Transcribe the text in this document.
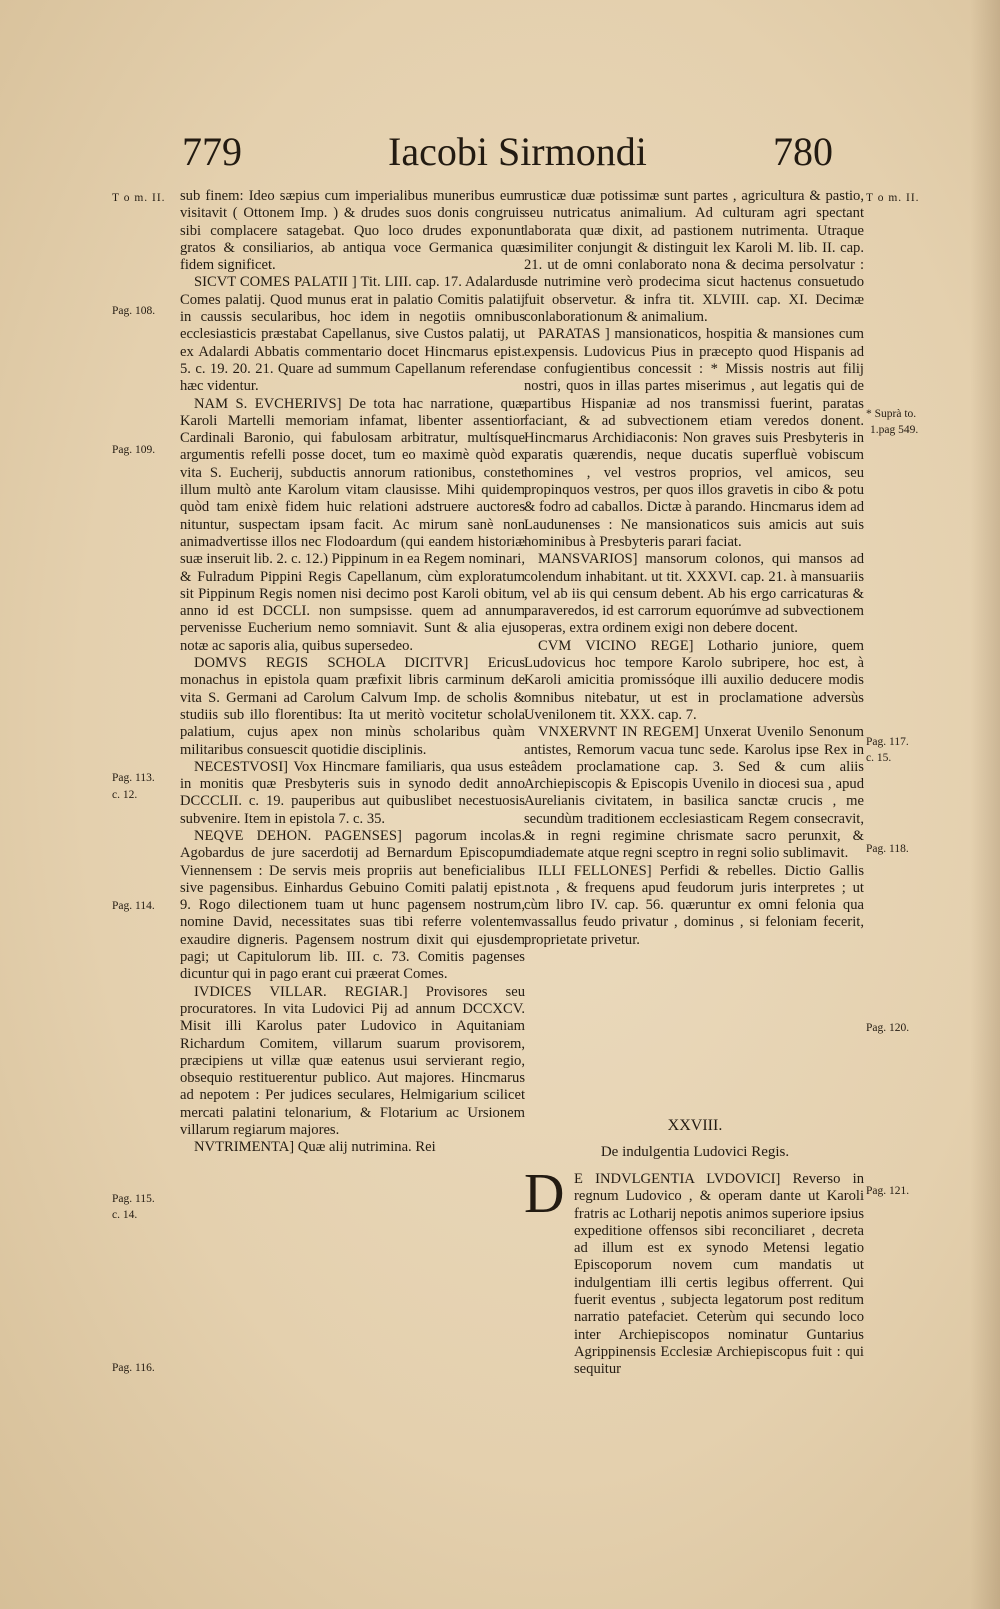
779	Iacobi Sirmondi	780
T o m. II.	T o m. II.
Pag. 108.
Pag. 109.
Pag. 113.
c. 12.
Pag. 114.
Pag. 115.
c. 14.
Pag. 116.
* Suprà to.
1.pag 549.
Pag. 117.
c. 15.
Pag. 118.
Pag. 120.
Pag. 121.

sub finem: Ideo sæpius cum imperialibus muneribus eum visitavit ( Ottonem Imp. ) & drudes suos donis congruis sibi complacere satagebat. Quo loco drudes exponunt gratos & consiliarios, ab antiqua voce Germanica quæ fidem significet.

SICVT COMES PALATII ] Tit. LIII. cap. 17. Adalardus Comes palatij. Quod munus erat in palatio Comitis palatij in caussis secularibus, hoc idem in negotiis omnibus ecclesiasticis præstabat Capellanus, sive Custos palatij, ut ex Adalardi Abbatis commentario docet Hincmarus epist. 5. c. 19. 20. 21. Quare ad summum Capellanum referenda hæc videntur.

NAM S. EVCHERIVS] De tota hac narratione, quæ Karoli Martelli memoriam infamat, libenter assentior Cardinali Baronio, qui fabulosam arbitratur, multísque argumentis refelli posse docet, tum eo maximè quòd ex vita S. Eucherij, subductis annorum rationibus, constet illum multò ante Karolum vitam clausisse. Mihi quidem quòd tam enixè fidem huic relationi adstruere auctores nituntur, suspectam ipsam facit. Ac mirum sanè non animadvertisse illos nec Flodoardum (qui eandem historiæ suæ inseruit lib. 2. c. 12.) Pippinum in ea Regem nominari, & Fulradum Pippini Regis Capellanum, cùm exploratum sit Pippinum Regis nomen nisi decimo post Karoli obitum anno id est DCCLI. non sumpsisse. quem ad annum pervenisse Eucherium nemo somniavit. Sunt & alia ejus notæ ac saporis alia, quibus supersedeo.

DOMVS REGIS SCHOLA DICITVR] Ericus monachus in epistola quam præfixit libris carminum de vita S. Germani ad Carolum Calvum Imp. de scholis & studiis sub illo florentibus: Ita ut meritò vocitetur schola palatium, cujus apex non minùs scholaribus quàm militaribus consuescit quotidie disciplinis.

NECESTVOSI] Vox Hincmare familiaris, qua usus est in monitis quæ Presbyteris suis in synodo dedit anno DCCCLII. c. 19. pauperibus aut quibuslibet necestuosis subvenire. Item in epistola 7. c. 35.

NEQVE DEHON. PAGENSES] pagorum incolas. Agobardus de jure sacerdotij ad Bernardum Episcopum Viennensem : De servis meis propriis aut beneficialibus sive pagensibus. Einhardus Gebuino Comiti palatij epist. 9. Rogo dilectionem tuam ut hunc pagensem nostrum, nomine David, necessitates suas tibi referre volentem exaudire digneris. Pagensem nostrum dixit qui ejusdem pagi; ut Capitulorum lib. III. c. 73. Comitis pagenses dicuntur qui in pago erant cui præerat Comes.

IVDICES VILLAR. REGIAR.] Provisores seu procuratores. In vita Ludovici Pij ad annum DCCXCV. Misit illi Karolus pater Ludovico in Aquitaniam Richardum Comitem, villarum suarum provisorem, præcipiens ut villæ quæ eatenus usui servierant regio, obsequio restituerentur publico. Aut majores. Hincmarus ad nepotem : Per judices seculares, Helmigarium scilicet mercati palatini telonarium, & Flotarium ac Ursionem villarum regiarum majores.

NVTRIMENTA] Quæ alij nutrimina. Rei

rusticæ duæ potissimæ sunt partes , agricultura & pastio, seu nutricatus animalium. Ad culturam agri spectant laborata quæ dixit, ad pastionem nutrimenta. Utraque similiter conjungit & distinguit lex Karoli M. lib. II. cap. 21. ut de omni conlaborato nona & decima persolvatur : de nutrimine verò prodecima sicut hactenus consuetudo fuit observetur. & infra tit. XLVIII. cap. XI. Decimæ conlaborationum & animalium.

PARATAS ] mansionaticos, hospitia & mansiones cum expensis. Ludovicus Pius in præcepto quod Hispanis ad se confugientibus concessit : * Missis nostris aut filij nostri, quos in illas partes miserimus , aut legatis qui de partibus Hispaniæ ad nos transmissi fuerint, paratas faciant, & ad subvectionem etiam veredos donent. Hincmarus Archidiaconis: Non graves suis Presbyteris in paratis quærendis, neque ducatis superfluè vobiscum homines , vel vestros proprios, vel amicos, seu propinquos vestros, per quos illos gravetis in cibo & potu & fodro ad caballos. Dictæ à parando. Hincmarus idem ad Laudunenses : Ne mansionaticos suis amicis aut suis hominibus à Presbyteris parari faciat.

MANSVARIOS] mansorum colonos, qui mansos ad colendum inhabitant. ut tit. XXXVI. cap. 21. à mansuariis , vel ab iis qui censum debent. Ab his ergo carricaturas & paraveredos, id est carrorum equorúmve ad subvectionem operas, extra ordinem exigi non debere docent.

CVM VICINO REGE] Lothario juniore, quem Ludovicus hoc tempore Karolo subripere, hoc est, à Karoli amicitia promissóque illi auxilio deducere modis omnibus nitebatur, ut est in proclamatione adversùs Uvenilonem tit. XXX. cap. 7.

VNXERVNT IN REGEM] Unxerat Uvenilo Senonum antistes, Remorum vacua tunc sede. Karolus ipse Rex in eâdem proclamatione cap. 3. Sed & cum aliis Archiepiscopis & Episcopis Uvenilo in diocesi sua , apud Aurelianis civitatem, in basilica sanctæ crucis , me secundùm traditionem ecclesiasticam Regem consecravit, & in regni regimine chrismate sacro perunxit, & diademate atque regni sceptro in regni solio sublimavit.

ILLI FELLONES] Perfidi & rebelles. Dictio Gallis nota , & frequens apud feudorum juris interpretes ; ut cùm libro IV. cap. 56. quæruntur ex omni felonia qua vassallus feudo privatur , dominus , si feloniam fecerit, proprietate privetur.

XXVIII.
De indulgentia Ludovici Regis.
D E INDVLGENTIA LVDOVICI] Reverso in regnum Ludovico , & operam dante ut Karoli fratris ac Lotharij nepotis animos superiore ipsius expeditione offensos sibi reconciliaret , decreta ad illum est ex synodo Metensi legatio Episcoporum novem cum mandatis ut indulgentiam illi certis legibus offerrent. Qui fuerit eventus , subjecta legatorum post reditum narratio patefaciet. Ceterùm qui secundo loco inter Archiepiscopos nominatur Guntarius Agrippinensis Ecclesiæ Archiepiscopus fuit : qui sequitur
